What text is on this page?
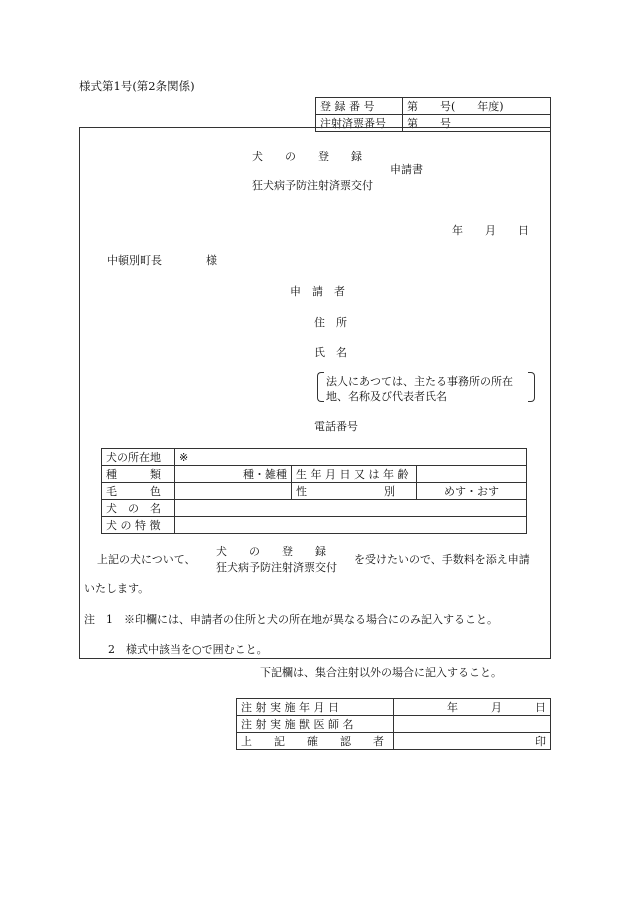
様式第1号(第2条関係)
登 録 番 号	第　　号(　　年度)
注射済票番号	第　　号
犬　　の　　登　　録
申請書
狂犬病予防注射済票交付
年　　月　　日
中頓別町長　　　　様
申　請　者
住　所
氏　名
法人にあつては、主たる事務所の所在
地、名称及び代表者氏名
電話番号
犬の所在地	※		
種　　　類	種・雑種	生 年 月 日 又 は 年 齢	
毛　　　色		性　　　　　　　別	めす・おす
犬　の　名			
犬 の 特 徴			
上記の犬について、
犬　　の　　登　　録
狂犬病予防注射済票交付
を受けたいので、手数料を添え申請
いたします。
注　1　※印欄には、申請者の住所と犬の所在地が異なる場合にのみ記入すること。
2　様式中該当を○で囲むこと。
下記欄は、集合注射以外の場合に記入すること。
注 射 実 施 年 月 日	年　　　月　　　日
注 射 実 施 獣 医 師 名	
上　　記　　確　　認　　者	印
